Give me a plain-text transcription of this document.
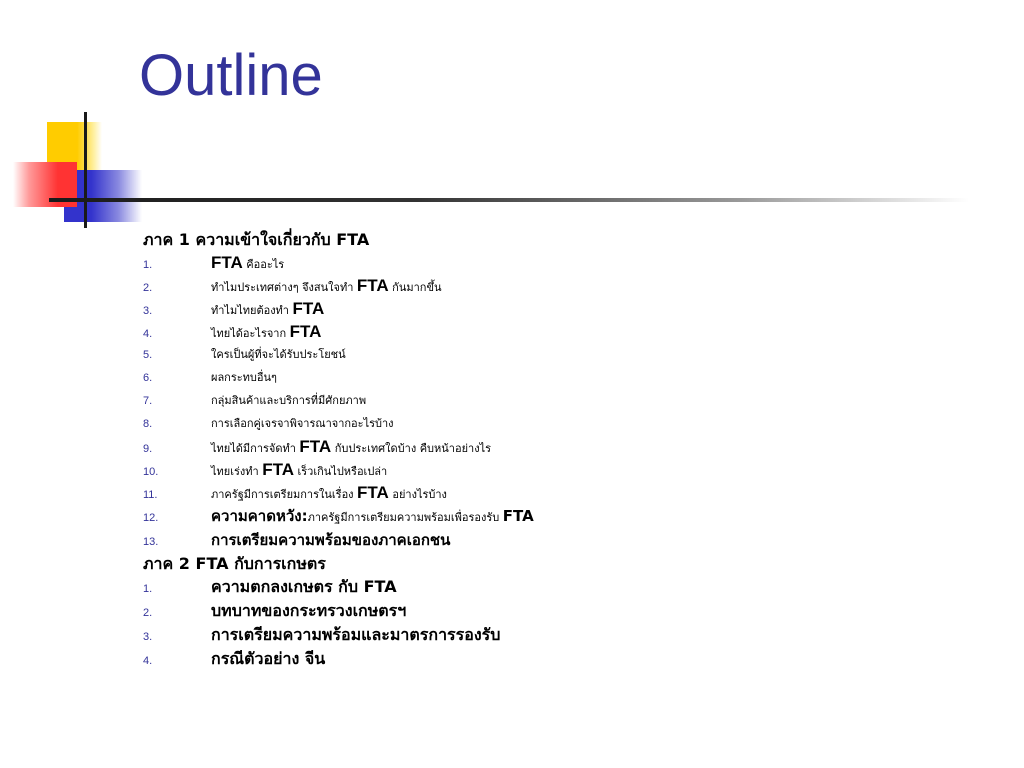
Outline
ภาค 1 ความเข้าใจเกี่ยวกับ FTA
1.	FTA คืออะไร
2.	ทำไมประเทศต่างๆ จึงสนใจทำ FTA กันมากขึ้น
3.	ทำไมไทยต้องทำ FTA
4.	ไทยได้อะไรจาก FTA
5.	ใครเป็นผู้ที่จะได้รับประโยชน์
6.	ผลกระทบอื่นๆ
7.	กลุ่มสินค้าและบริการที่มีศักยภาพ
8.	การเลือกคู่เจรจาพิจารณาจากอะไรบ้าง
9.	ไทยได้มีการจัดทำ FTA กับประเทศใดบ้าง คืบหน้าอย่างไร
10.	ไทยเร่งทำ FTA เร็วเกินไปหรือเปล่า
11.	ภาครัฐมีการเตรียมการในเรื่อง FTA อย่างไรบ้าง
12.	ความคาดหวัง:ภาครัฐมีการเตรียมความพร้อมเพื่อรองรับ FTA
13.	การเตรียมความพร้อมของภาคเอกชน
ภาค 2 FTA กับการเกษตร
1.	ความตกลงเกษตร กับ FTA
2.	บทบาทของกระทรวงเกษตรฯ
3.	การเตรียมความพร้อมและมาตรการรองรับ
4.	กรณีตัวอย่าง จีน
